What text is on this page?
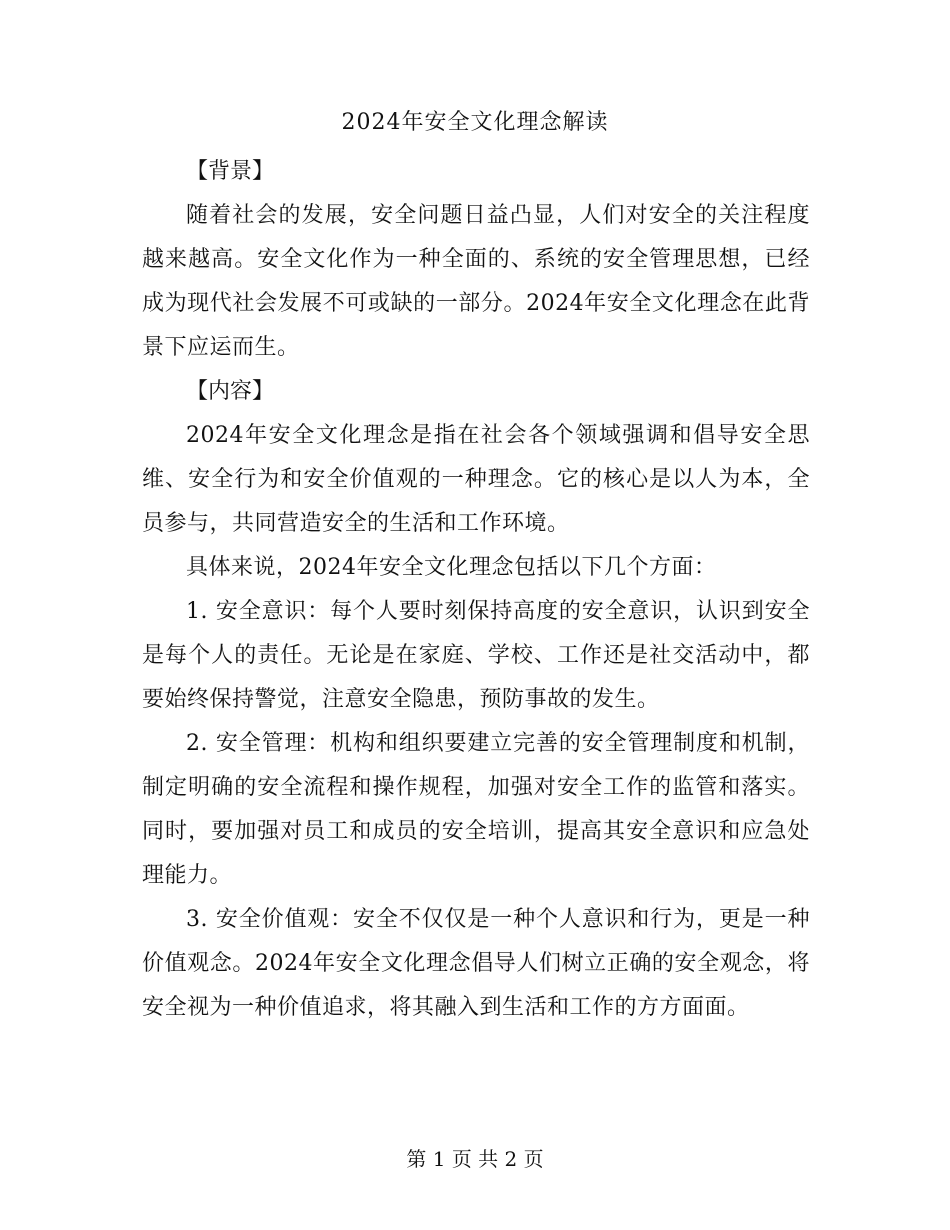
2024年安全文化理念解读
【背景】

随着社会的发展，安全问题日益凸显，人们对安全的关注程度越来越高。安全文化作为一种全面的、系统的安全管理思想，已经成为现代社会发展不可或缺的一部分。2024年安全文化理念在此背景下应运而生。

【内容】

2024年安全文化理念是指在社会各个领域强调和倡导安全思维、安全行为和安全价值观的一种理念。它的核心是以人为本，全员参与，共同营造安全的生活和工作环境。

具体来说，2024年安全文化理念包括以下几个方面：

1. 安全意识：每个人要时刻保持高度的安全意识，认识到安全是每个人的责任。无论是在家庭、学校、工作还是社交活动中，都要始终保持警觉，注意安全隐患，预防事故的发生。

2. 安全管理：机构和组织要建立完善的安全管理制度和机制，制定明确的安全流程和操作规程，加强对安全工作的监管和落实。同时，要加强对员工和成员的安全培训，提高其安全意识和应急处理能力。

3. 安全价值观：安全不仅仅是一种个人意识和行为，更是一种价值观念。2024年安全文化理念倡导人们树立正确的安全观念，将安全视为一种价值追求，将其融入到生活和工作的方方面面。

第 1 页 共 2 页
